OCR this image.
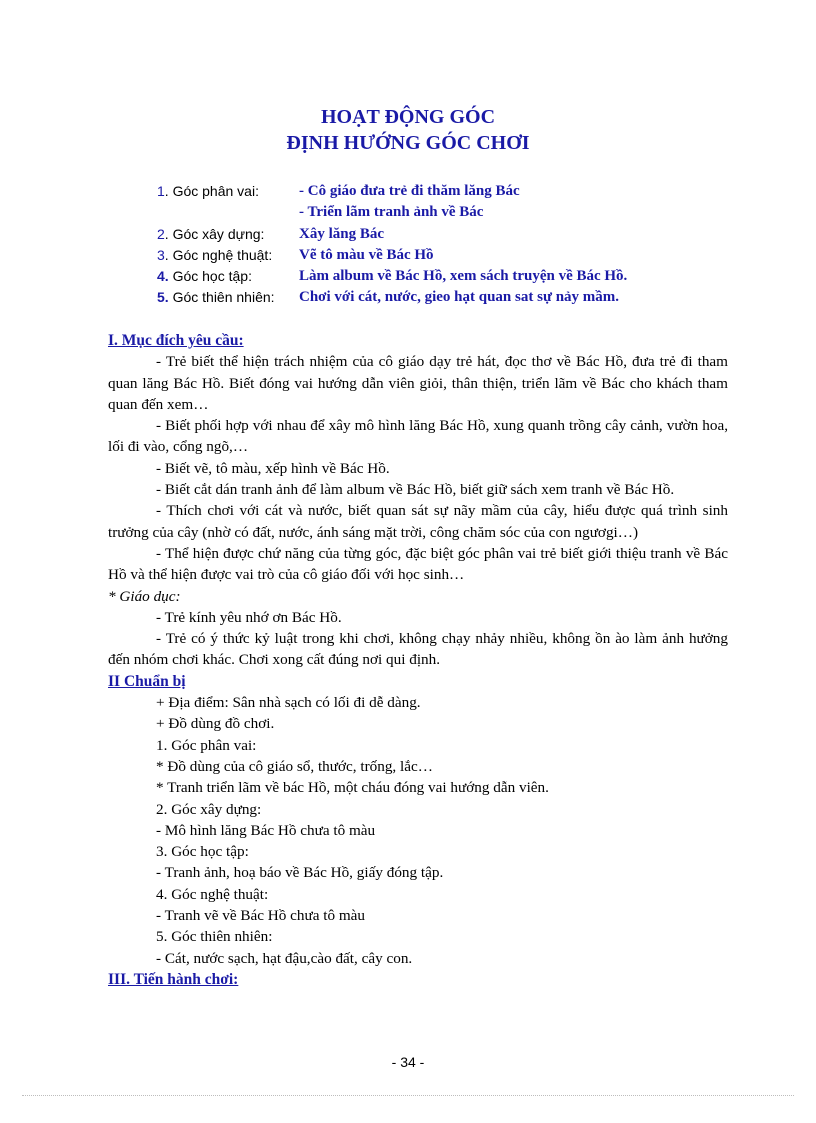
HOẠT ĐỘNG GÓC
ĐỊNH HƯỚNG GÓC CHƠI
1. Góc phân vai:	- Cô giáo đưa trẻ đi thăm lăng Bác
- Triển lãm tranh ảnh về Bác
2. Góc xây dựng:	Xây lăng Bác
3. Góc nghệ thuật:	Vẽ tô màu về Bác Hồ
4. Góc học tập:	Làm album về Bác Hồ, xem sách truyện về Bác Hồ.
5. Góc thiên nhiên:	Chơi với cát, nước, gieo hạt quan sat sự nảy mầm.

I. Mục đích yêu cầu:

- Trẻ biết thể hiện trách nhiệm của cô giáo dạy trẻ hát, đọc thơ về Bác Hồ, đưa trẻ đi tham quan lăng Bác Hồ. Biết đóng vai hướng dẫn viên giỏi, thân thiện, triển lãm về Bác cho khách tham quan đến xem…

- Biết phối hợp với nhau để xây mô hình lăng Bác Hồ, xung quanh trồng cây cảnh, vườn hoa, lối đi vào, cổng ngõ,…

- Biết vẽ, tô màu, xếp hình về Bác Hồ.

- Biết cắt dán tranh ảnh để làm album về Bác Hồ, biết giữ sách xem tranh về Bác Hồ.

- Thích chơi với cát và nước, biết quan sát sự nãy mầm của cây, hiểu được quá trình sinh trưởng của cây (nhờ có đất, nước, ánh sáng mặt trời, công chăm sóc của con ngươgi…)

- Thể hiện được chứ năng của từng góc, đặc biệt góc phân vai trẻ biết giới thiệu tranh về Bác Hồ và thể hiện được vai trò của cô giáo đối với học sinh…

* Giáo dục:

- Trẻ kính yêu nhớ ơn Bác Hồ.

- Trẻ có ý thức kỷ luật trong khi chơi, không chạy nhảy nhiều, không ồn ào làm ảnh hưởng đến nhóm chơi khác. Chơi xong cất đúng nơi qui định.

II Chuẩn bị

+ Địa điểm: Sân nhà sạch có lối đi dễ dàng.

+ Đồ dùng đồ chơi.

1. Góc phân vai:

* Đồ dùng của cô giáo sổ, thước, trống, lắc…

* Tranh triển lãm về bác Hồ, một cháu đóng vai hướng dẫn viên.

2. Góc xây dựng:

- Mô hình lăng Bác Hồ chưa tô màu

3. Góc học tập:

- Tranh ảnh, hoạ báo về Bác Hồ, giấy đóng tập.

4. Góc nghệ thuật:

- Tranh vẽ về Bác Hồ chưa tô màu

5. Góc thiên nhiên:

- Cát, nước sạch, hạt đậu,cào đất, cây con.

III. Tiến hành chơi:

- 34 -
